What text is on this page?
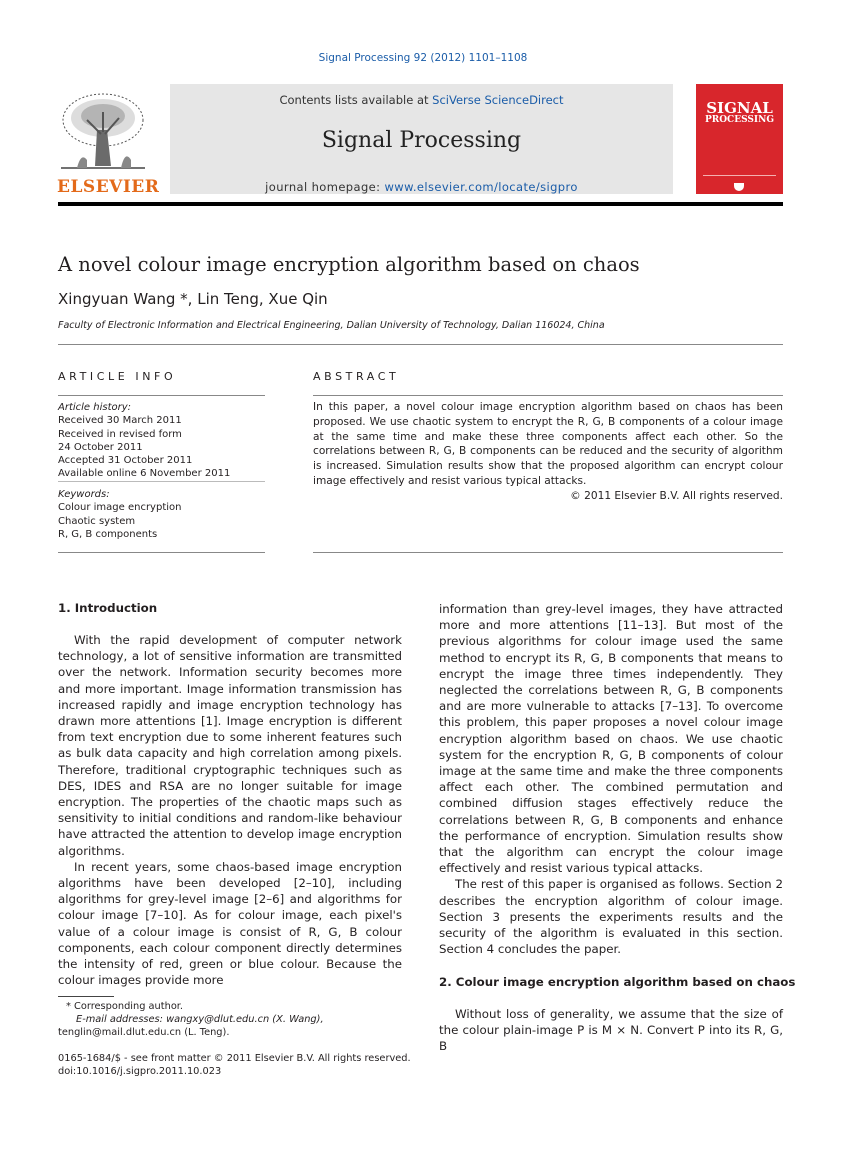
Signal Processing 92 (2012) 1101–1108
ELSEVIER
Contents lists available at SciVerse ScienceDirect
Signal Processing
journal homepage: www.elsevier.com/locate/sigpro
SIGNAL
PROCESSING
A novel colour image encryption algorithm based on chaos
Xingyuan Wang *, Lin Teng, Xue Qin
Faculty of Electronic Information and Electrical Engineering, Dalian University of Technology, Dalian 116024, China
ARTICLE INFO
Article history:
Received 30 March 2011
Received in revised form
24 October 2011
Accepted 31 October 2011
Available online 6 November 2011
Keywords:
Colour image encryption
Chaotic system
R, G, B components
ABSTRACT
In this paper, a novel colour image encryption algorithm based on chaos has been proposed. We use chaotic system to encrypt the R, G, B components of a colour image at the same time and make these three components affect each other. So the correlations between R, G, B components can be reduced and the security of algorithm is increased. Simulation results show that the proposed algorithm can encrypt colour image effectively and resist various typical attacks.
© 2011 Elsevier B.V. All rights reserved.
1. Introduction

With the rapid development of computer network technology, a lot of sensitive information are transmitted over the network. Information security becomes more and more important. Image information transmission has increased rapidly and image encryption technology has drawn more attentions [1]. Image encryption is different from text encryption due to some inherent features such as bulk data capacity and high correlation among pixels. Therefore, traditional cryptographic techniques such as DES, IDES and RSA are no longer suitable for image encryption. The properties of the chaotic maps such as sensitivity to initial conditions and random-like behaviour have attracted the attention to develop image encryption algorithms.

In recent years, some chaos-based image encryption algorithms have been developed [2–10], including algorithms for grey-level image [2–6] and algorithms for colour image [7–10]. As for colour image, each pixel's value of a colour image is consist of R, G, B colour components, each colour component directly determines the intensity of red, green or blue colour. Because the colour images provide more

* Corresponding author.
E-mail addresses: wangxy@dlut.edu.cn (X. Wang),
tenglin@mail.dlut.edu.cn (L. Teng).
0165-1684/$ - see front matter © 2011 Elsevier B.V. All rights reserved.
doi:10.1016/j.sigpro.2011.10.023

information than grey-level images, they have attracted more and more attentions [11–13]. But most of the previous algorithms for colour image used the same method to encrypt its R, G, B components that means to encrypt the image three times independently. They neglected the correlations between R, G, B components and are more vulnerable to attacks [7–13]. To overcome this problem, this paper proposes a novel colour image encryption algorithm based on chaos. We use chaotic system for the encryption R, G, B components of colour image at the same time and make the three components affect each other. The combined permutation and combined diffusion stages effectively reduce the correlations between R, G, B components and enhance the performance of encryption. Simulation results show that the algorithm can encrypt the colour image effectively and resist various typical attacks.

The rest of this paper is organised as follows. Section 2 describes the encryption algorithm of colour image. Section 3 presents the experiments results and the security of the algorithm is evaluated in this section. Section 4 concludes the paper.

2. Colour image encryption algorithm based on chaos

Without loss of generality, we assume that the size of the colour plain-image P is M × N. Convert P into its R, G, B
